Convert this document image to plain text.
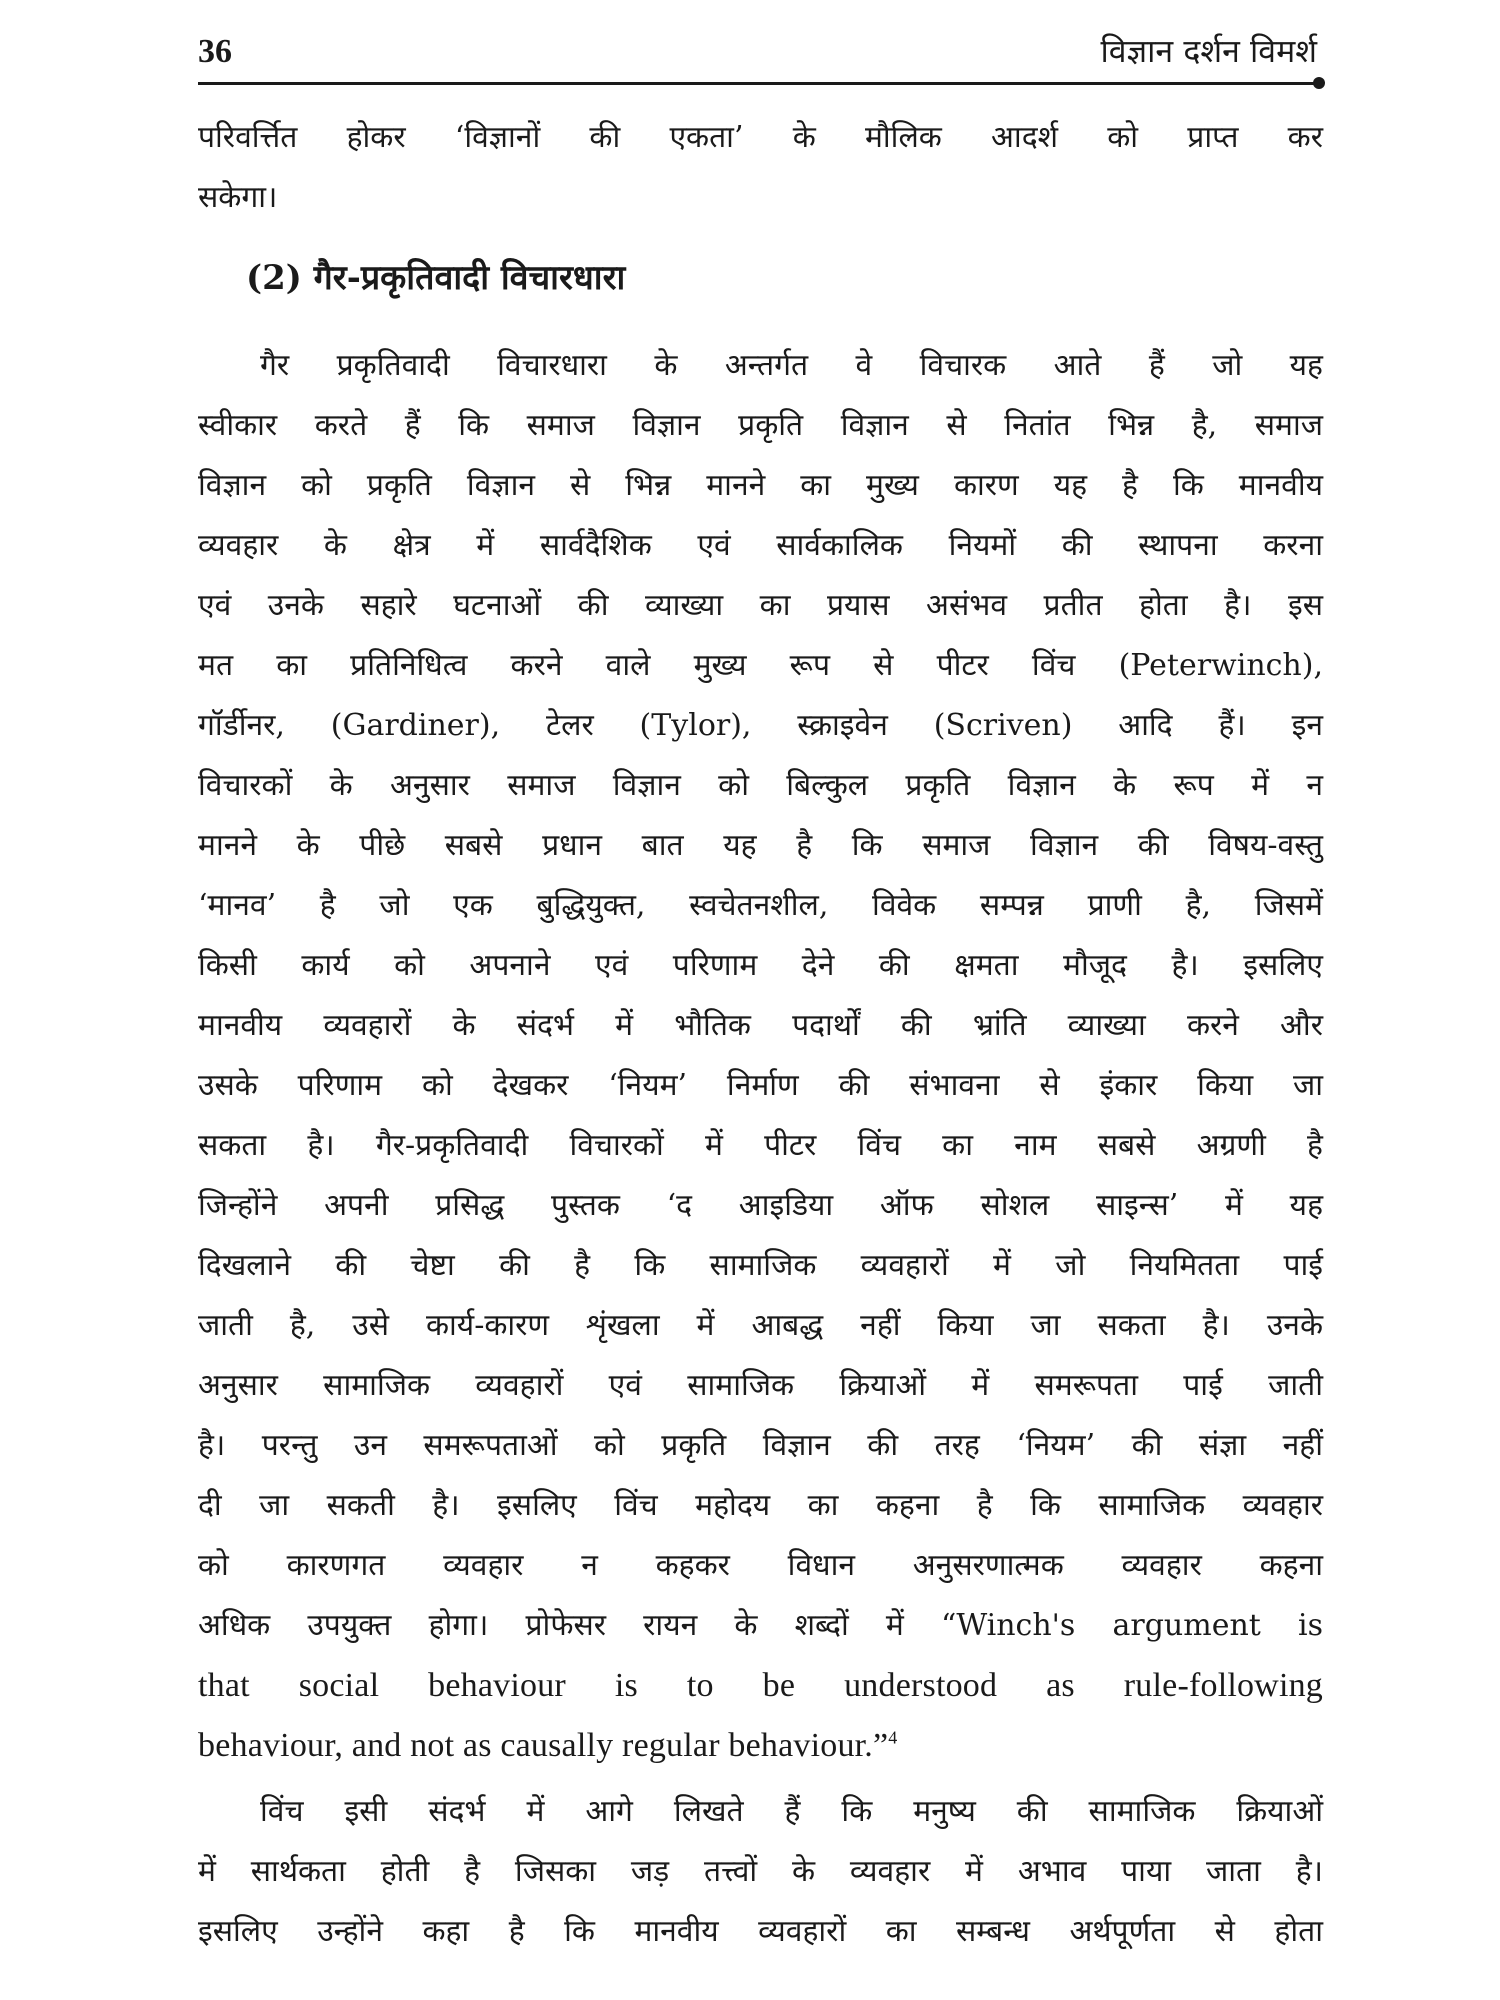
36	विज्ञान दर्शन विमर्श

परिवर्त्तित होकर ‘विज्ञानों की एकता’ के मौलिक आदर्श को प्राप्त कर

सकेगा।

(2) गैर-प्रकृतिवादी विचारधारा

गैर प्रकृतिवादी विचारधारा के अन्तर्गत वे विचारक आते हैं जो यह

स्वीकार करते हैं कि समाज विज्ञान प्रकृति विज्ञान से नितांत भिन्न है, समाज

विज्ञान को प्रकृति विज्ञान से भिन्न मानने का मुख्य कारण यह है कि मानवीय

व्यवहार के क्षेत्र में सार्वदैशिक एवं सार्वकालिक नियमों की स्थापना करना

एवं उनके सहारे घटनाओं की व्याख्या का प्रयास असंभव प्रतीत होता है। इस

मत का प्रतिनिधित्व करने वाले मुख्य रूप से पीटर विंच (Peterwinch),

गॉर्डीनर, (Gardiner), टेलर (Tylor), स्क्राइवेन (Scriven) आदि हैं। इन

विचारकों के अनुसार समाज विज्ञान को बिल्कुल प्रकृति विज्ञान के रूप में न

मानने के पीछे सबसे प्रधान बात यह है कि समाज विज्ञान की विषय-वस्तु

‘मानव’ है जो एक बुद्धियुक्त, स्वचेतनशील, विवेक सम्पन्न प्राणी है, जिसमें

किसी कार्य को अपनाने एवं परिणाम देने की क्षमता मौजूद है। इसलिए

मानवीय व्यवहारों के संदर्भ में भौतिक पदार्थों की भ्रांति व्याख्या करने और

उसके परिणाम को देखकर ‘नियम’ निर्माण की संभावना से इंकार किया जा

सकता है। गैर-प्रकृतिवादी विचारकों में पीटर विंच का नाम सबसे अग्रणी है

जिन्होंने अपनी प्रसिद्ध पुस्तक ‘द आइडिया ऑफ सोशल साइन्स’ में यह

दिखलाने की चेष्टा की है कि सामाजिक व्यवहारों में जो नियमितता पाई

जाती है, उसे कार्य-कारण शृंखला में आबद्ध नहीं किया जा सकता है। उनके

अनुसार सामाजिक व्यवहारों एवं सामाजिक क्रियाओं में समरूपता पाई जाती

है। परन्तु उन समरूपताओं को प्रकृति विज्ञान की तरह ‘नियम’ की संज्ञा नहीं

दी जा सकती है। इसलिए विंच महोदय का कहना है कि सामाजिक व्यवहार

को कारणगत व्यवहार न कहकर विधान अनुसरणात्मक व्यवहार कहना

अधिक उपयुक्त होगा। प्रोफेसर रायन के शब्दों में “Winch's argument is

that social behaviour is to be understood as rule-following

behaviour, and not as causally regular behaviour.”$^4$

विंच इसी संदर्भ में आगे लिखते हैं कि मनुष्य की सामाजिक क्रियाओं

में सार्थकता होती है जिसका जड़ तत्त्वों के व्यवहार में अभाव पाया जाता है।

इसलिए उन्होंने कहा है कि मानवीय व्यवहारों का सम्बन्ध अर्थपूर्णता से होता
